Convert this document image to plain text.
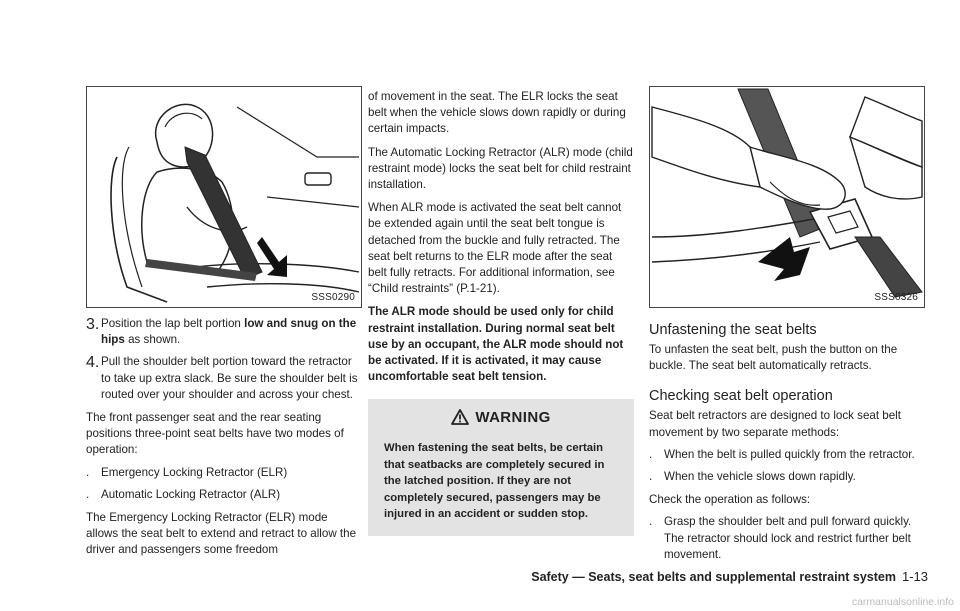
SSS0290
3. Position the lap belt portion low and snug on the hips as shown.

4. Pull the shoulder belt portion toward the retractor to take up extra slack. Be sure the shoulder belt is routed over your shoulder and across your chest.

The front passenger seat and the rear seating positions three-point seat belts have two modes of operation:

.	Emergency Locking Retractor (ELR)
.	Automatic Locking Retractor (ALR)

The Emergency Locking Retractor (ELR) mode allows the seat belt to extend and retract to allow the driver and passengers some freedom

of movement in the seat. The ELR locks the seat belt when the vehicle slows down rapidly or during certain impacts.

The Automatic Locking Retractor (ALR) mode (child restraint mode) locks the seat belt for child restraint installation.

When ALR mode is activated the seat belt cannot be extended again until the seat belt tongue is detached from the buckle and fully retracted. The seat belt returns to the ELR mode after the seat belt fully retracts. For additional information, see “Child restraints” (P.1-21).

The ALR mode should be used only for child restraint installation. During normal seat belt use by an occupant, the ALR mode should not be activated. If it is activated, it may cause uncomfortable seat belt tension.

WARNING

When fastening the seat belts, be certain that seatbacks are completely secured in the latched position. If they are not completely secured, passengers may be injured in an accident or sudden stop.

SSS0326
Unfastening the seat belts

To unfasten the seat belt, push the button on the buckle. The seat belt automatically retracts.

Checking seat belt operation

Seat belt retractors are designed to lock seat belt movement by two separate methods:

.	When the belt is pulled quickly from the retractor.
.	When the vehicle slows down rapidly.

Check the operation as follows:

.	Grasp the shoulder belt and pull forward quickly. The retractor should lock and restrict further belt movement.
Safety — Seats, seat belts and supplemental restraint system 1-13
carmanualsonline.info
